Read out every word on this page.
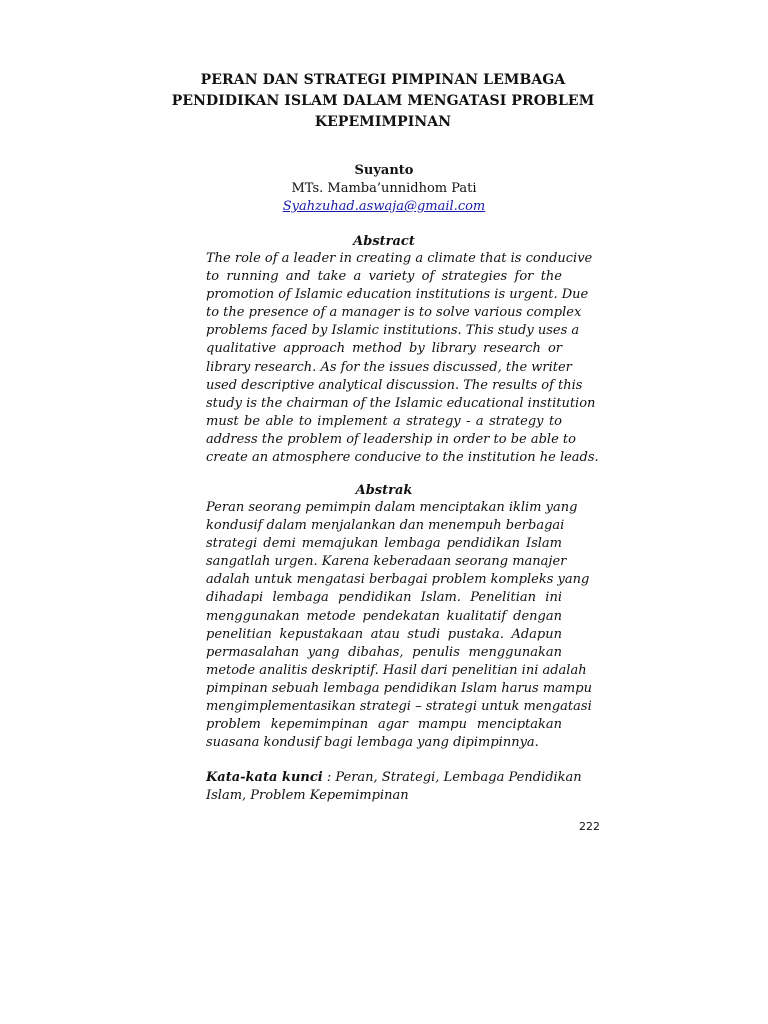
PERAN DAN STRATEGI PIMPINAN LEMBAGA
PENDIDIKAN ISLAM DALAM MENGATASI PROBLEM
KEPEMIMPINAN
Suyanto
MTs. Mamba’unnidhom Pati
Syahzuhad.aswaja@gmail.com
Abstract
The role of a leader in creating a climate that is conducive
to running and take a variety of strategies for the
promotion of Islamic education institutions is urgent. Due
to the presence of a manager is to solve various complex
problems faced by Islamic institutions. This study uses a
qualitative approach method by library research or
library research. As for the issues discussed, the writer
used descriptive analytical discussion. The results of this
study is the chairman of the Islamic educational institution
must be able to implement a strategy - a strategy to
address the problem of leadership in order to be able to
create an atmosphere conducive to the institution he leads.
Abstrak
Peran seorang pemimpin dalam menciptakan iklim yang
kondusif dalam menjalankan dan menempuh berbagai
strategi demi memajukan lembaga pendidikan Islam
sangatlah urgen. Karena keberadaan seorang manajer
adalah untuk mengatasi berbagai problem kompleks yang
dihadapi lembaga pendidikan Islam. Penelitian ini
menggunakan metode pendekatan kualitatif dengan
penelitian kepustakaan atau studi pustaka. Adapun
permasalahan yang dibahas, penulis menggunakan
metode analitis deskriptif. Hasil dari penelitian ini adalah
pimpinan sebuah lembaga pendidikan Islam harus mampu
mengimplementasikan strategi – strategi untuk mengatasi
problem kepemimpinan agar mampu menciptakan
suasana kondusif bagi lembaga yang dipimpinnya.
Kata-kata kunci : Peran, Strategi, Lembaga Pendidikan
Islam, Problem Kepemimpinan
222
